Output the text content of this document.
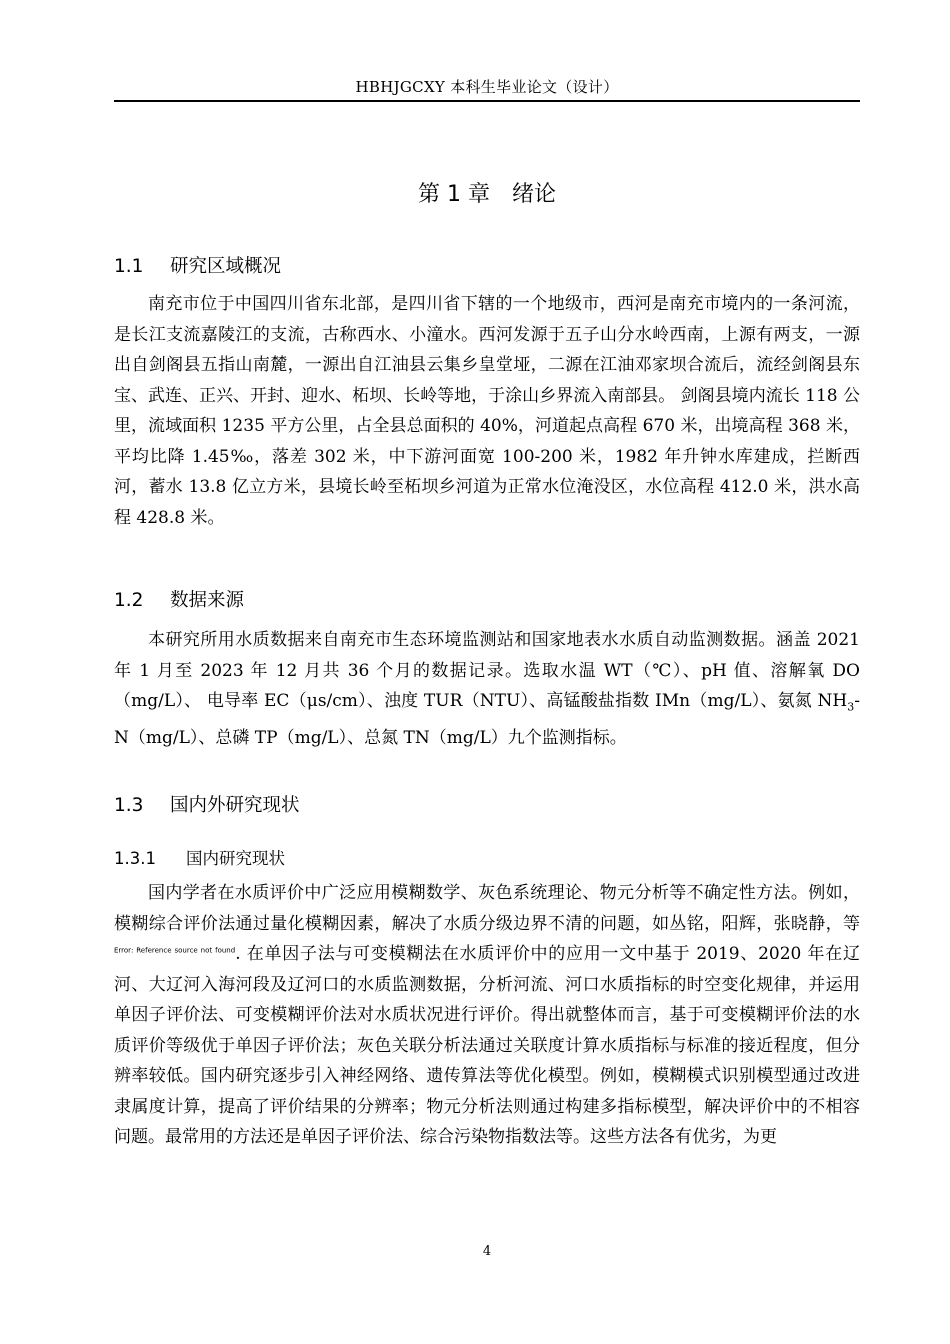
HBHJGCXY 本科生毕业论文（设计）
第 1 章 绪论
1.1 研究区域概况

南充市位于中国四川省东北部，是四川省下辖的一个地级市，西河是南充市境内的一条河流，是长江支流嘉陵江的支流，古称西水、小潼水。西河发源于五子山分水岭西南，上源有两支，一源出自剑阁县五指山南麓，一源出自江油县云集乡皇堂垭，二源在江油邓家坝合流后，流经剑阁县东宝、武连、正兴、开封、迎水、柘坝、长岭等地，于涂山乡界流入南部县。 剑阁县境内流长 118 公里，流域面积 1235 平方公里，占全县总面积的 40%，河道起点高程 670 米，出境高程 368 米，平均比降 1.45‰，落差 302 米，中下游河面宽 100-200 米，1982 年升钟水库建成，拦断西河，蓄水 13.8 亿立方米，县境长岭至柘坝乡河道为正常水位淹没区，水位高程 412.0 米，洪水高程 428.8 米。

1.2 数据来源

本研究所用水质数据来自南充市生态环境监测站和国家地表水水质自动监测数据。涵盖 2021 年 1 月至 2023 年 12 月共 36 个月的数据记录。选取水温 WT（℃）、pH 值、溶解氧 DO（mg/L）、 电导率 EC（μs/cm）、浊度 TUR（NTU）、高锰酸盐指数 IMn（mg/L）、氨氮 $NH_3-$ N（mg/L）、总磷 TP（mg/L）、总氮 TN（mg/L）九个监测指标。

1.3 国内外研究现状
1.3.1 国内研究现状

国内学者在水质评价中广泛应用模糊数学、灰色系统理论、物元分析等不确定性方法。例如，模糊综合评价法通过量化模糊因素，解决了水质分级边界不清的问题，如丛铭，阳辉，张晓静，等$^{Error: Reference source not found}$. 在单因子法与可变模糊法在水质评价中的应用一文中基于 2019、2020 年在辽河、大辽河入海河段及辽河口的水质监测数据，分析河流、河口水质指标的时空变化规律，并运用单因子评价法、可变模糊评价法对水质状况进行评价。得出就整体而言，基于可变模糊评价法的水质评价等级优于单因子评价法；灰色关联分析法通过关联度计算水质指标与标准的接近程度，但分辨率较低。国内研究逐步引入神经网络、遗传算法等优化模型。例如，模糊模式识别模型通过改进隶属度计算，提高了评价结果的分辨率；物元分析法则通过构建多指标模型，解决评价中的不相容问题。最常用的方法还是单因子评价法、综合污染物指数法等。这些方法各有优劣，为更

4
